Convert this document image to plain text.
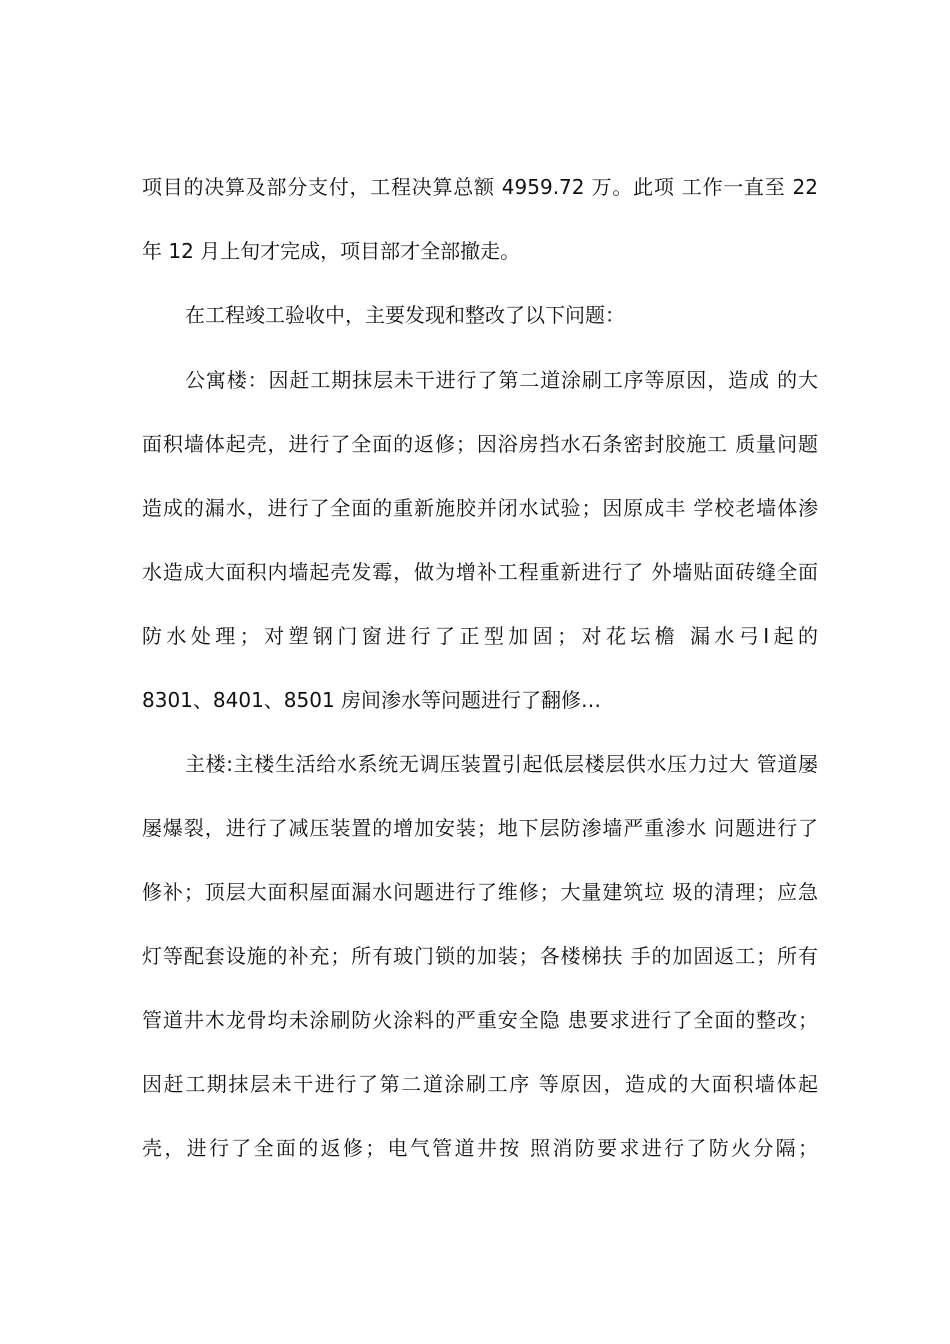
项目的决算及部分支付，工程决算总额 4959.72 万。此项 工作一直至 22
年 12 月上旬才完成，项目部才全部撤走。
在工程竣工验收中，主要发现和整改了以下问题：
公寓楼：因赶工期抹层未干进行了第二道涂刷工序等原因，造成 的大
面积墙体起壳，进行了全面的返修；因浴房挡水石条密封胶施工 质量问题
造成的漏水，进行了全面的重新施胶并闭水试验；因原成丰 学校老墙体渗
水造成大面积内墙起壳发霉，做为增补工程重新进行了 外墙贴面砖缝全面
防水处理；对塑钢门窗进行了正型加固；对花坛檐 漏水弓I起的
8301、8401、8501 房间渗水等问题进行了翻修…
主楼:主楼生活给水系统无调压装置引起低层楼层供水压力过大 管道屡
屡爆裂，进行了减压装置的增加安装；地下层防渗墙严重渗水 问题进行了
修补；顶层大面积屋面漏水问题进行了维修；大量建筑垃 圾的清理；应急
灯等配套设施的补充；所有玻门锁的加装；各楼梯扶 手的加固返工；所有
管道井木龙骨均未涂刷防火涂料的严重安全隐 患要求进行了全面的整改；
因赶工期抹层未干进行了第二道涂刷工序 等原因，造成的大面积墙体起
壳，进行了全面的返修；电气管道井按 照消防要求进行了防火分隔；
